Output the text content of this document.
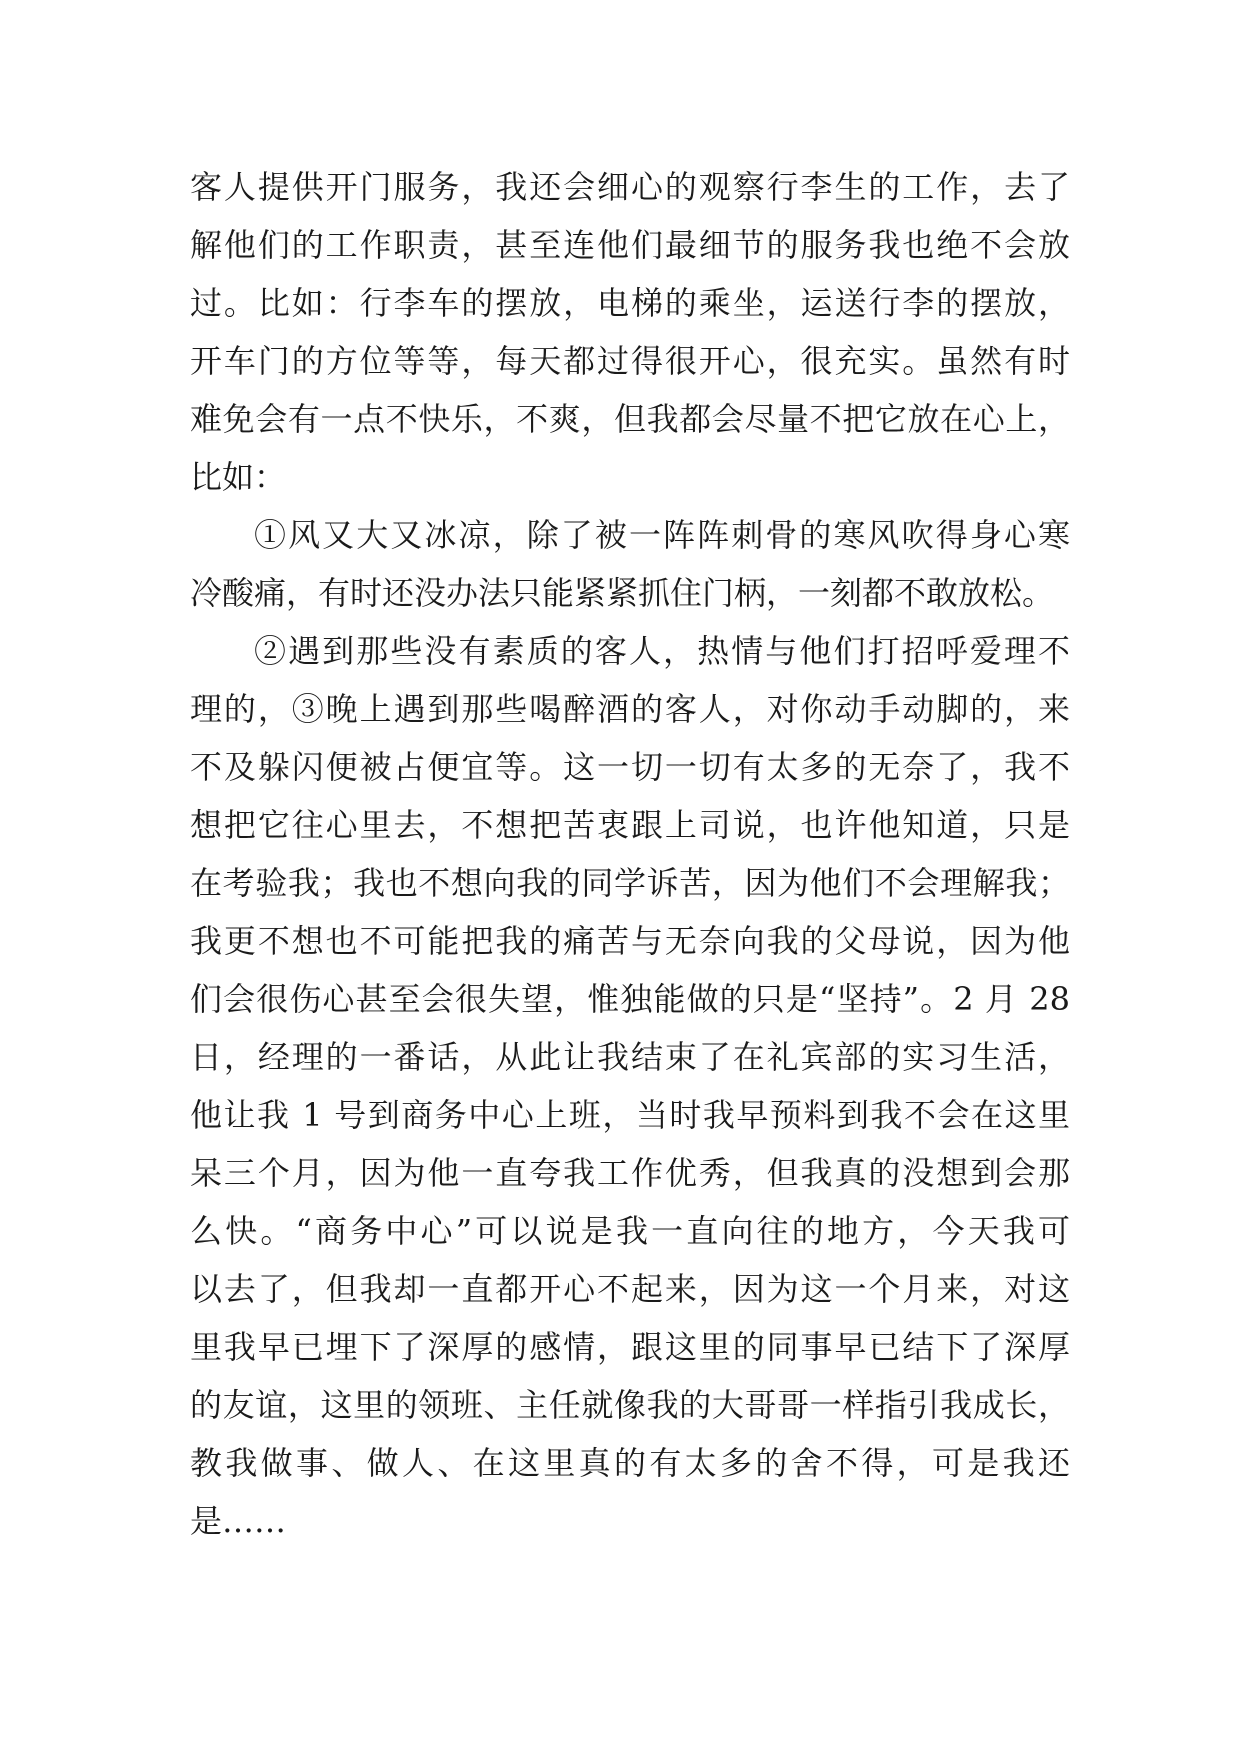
客人提供开门服务，我还会细心的观察行李生的工作，去了
解他们的工作职责，甚至连他们最细节的服务我也绝不会放
过。比如：行李车的摆放，电梯的乘坐，运送行李的摆放，
开车门的方位等等，每天都过得很开心，很充实。虽然有时
难免会有一点不快乐，不爽，但我都会尽量不把它放在心上，
比如：
①风又大又冰凉，除了被一阵阵刺骨的寒风吹得身心寒
冷酸痛，有时还没办法只能紧紧抓住门柄，一刻都不敢放松。
②遇到那些没有素质的客人，热情与他们打招呼爱理不
理的，③晚上遇到那些喝醉酒的客人，对你动手动脚的，来
不及躲闪便被占便宜等。这一切一切有太多的无奈了，我不
想把它往心里去，不想把苦衷跟上司说，也许他知道，只是
在考验我；我也不想向我的同学诉苦，因为他们不会理解我；
我更不想也不可能把我的痛苦与无奈向我的父母说，因为他
们会很伤心甚至会很失望，惟独能做的只是“坚持”。2 月 28
日，经理的一番话，从此让我结束了在礼宾部的实习生活，
他让我 1 号到商务中心上班，当时我早预料到我不会在这里
呆三个月，因为他一直夸我工作优秀，但我真的没想到会那
么快。“商务中心”可以说是我一直向往的地方，今天我可
以去了，但我却一直都开心不起来，因为这一个月来，对这
里我早已埋下了深厚的感情，跟这里的同事早已结下了深厚
的友谊，这里的领班、主任就像我的大哥哥一样指引我成长，
教我做事、做人、在这里真的有太多的舍不得，可是我还
是……
